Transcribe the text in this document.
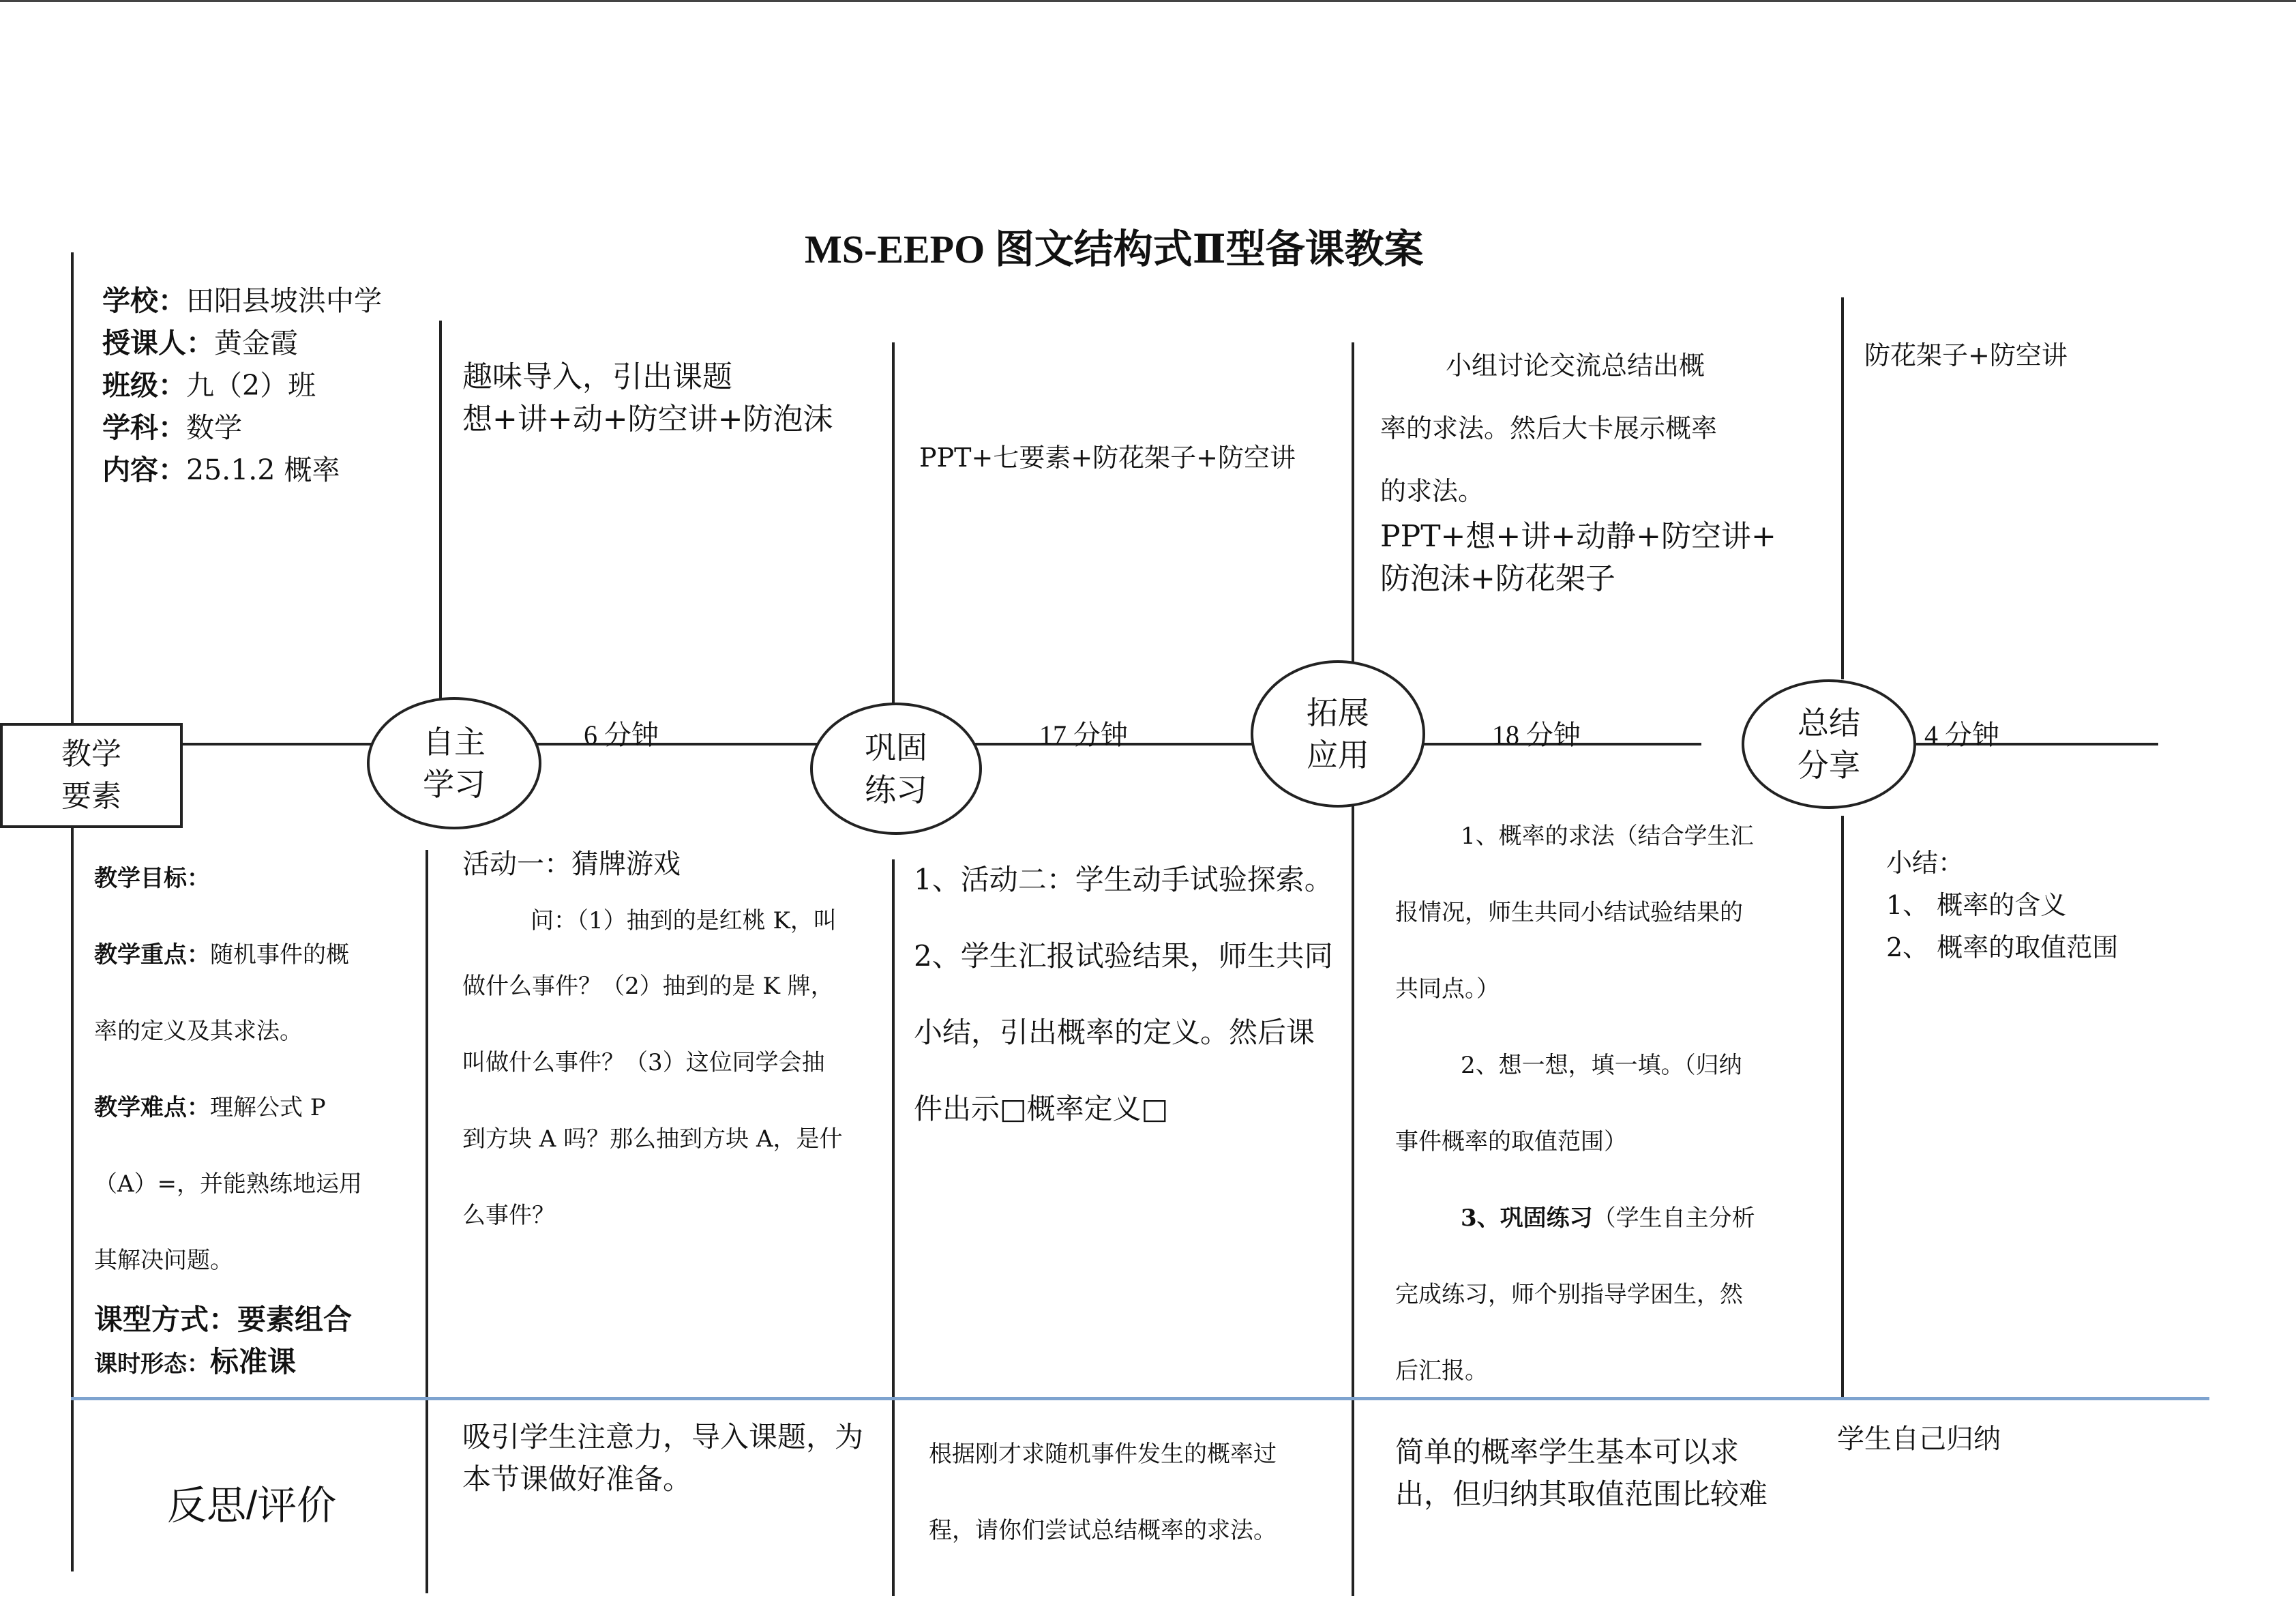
MS-EEPO 图文结构式Ⅱ型备课教案
学校：田阳县坡洪中学
授课人：黄金霞
班级：九（2）班
学科：数学
内容：25.1.2 概率
趣味导入，引出课题
想+讲+动+防空讲+防泡沫
PPT+七要素+防花架子+防空讲
小组讨论交流总结出概
率的求法。然后大卡展示概率
的求法。
PPT+想+讲+动静+防空讲+
防泡沫+防花架子
防花架子+防空讲
教学
要素
自主
学习
6 分钟	巩固
练习
17 分钟
拓展
应用
18 分钟	总结
分享
4 分钟
教学目标：
教学重点：随机事件的概
率的定义及其求法。
教学难点：理解公式 P
（A）=，并能熟练地运用
其解决问题。
课型方式：要素组合
课时形态：标准课
活动一：猜牌游戏
问：（1）抽到的是红桃 K，叫
做什么事件？（2）抽到的是 K 牌，
叫做什么事件？（3）这位同学会抽
到方块 A 吗？那么抽到方块 A，是什
么事件？
1、活动二：学生动手试验探索。
2、学生汇报试验结果，师生共同
小结，引出概率的定义。然后课
件出示□概率定义□
1、概率的求法（结合学生汇
报情况，师生共同小结试验结果的
共同点。）
2、想一想，填一填。（归纳
事件概率的取值范围）
3、巩固练习（学生自主分析
完成练习，师个别指导学困生，然
后汇报。
小结：
1、 概率的含义
2、 概率的取值范围
反思/评价
吸引学生注意力，导入课题，为
本节课做好准备。
根据刚才求随机事件发生的概率过
程，请你们尝试总结概率的求法。
简单的概率学生基本可以求
出，但归纳其取值范围比较难
学生自己归纳
